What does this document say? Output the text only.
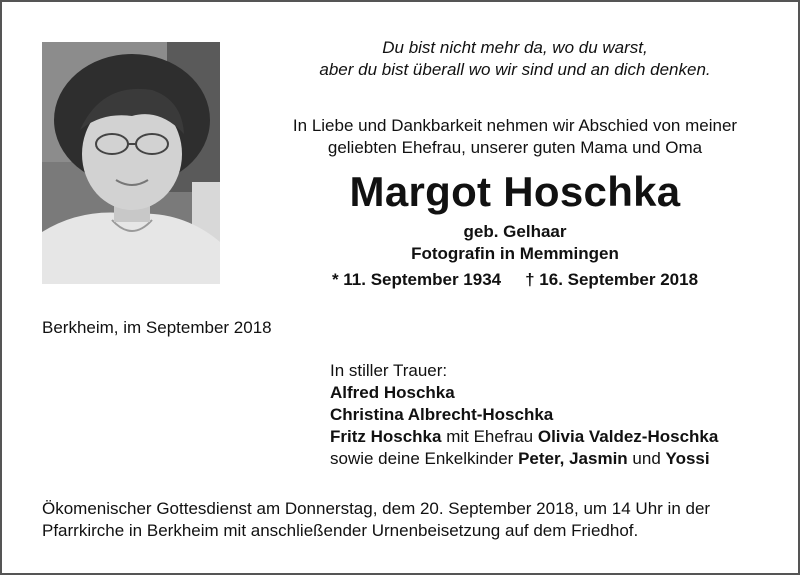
Du bist nicht mehr da, wo du warst,
aber du bist überall wo wir sind und an dich denken.
In Liebe und Dankbarkeit nehmen wir Abschied von meiner
geliebten Ehefrau, unserer guten Mama und Oma
Margot Hoschka
geb. Gelhaar
Fotografin in Memmingen
* 11. September 1934 † 16. September 2018
Berkheim, im September 2018
In stiller Trauer:
Alfred Hoschka
Christina Albrecht-Hoschka
Fritz Hoschka mit Ehefrau Olivia Valdez-Hoschka
sowie deine Enkelkinder Peter, Jasmin und Yossi
Ökomenischer Gottesdienst am Donnerstag, dem 20. September 2018, um 14 Uhr in der
Pfarrkirche in Berkheim mit anschließender Urnenbeisetzung auf dem Friedhof.
